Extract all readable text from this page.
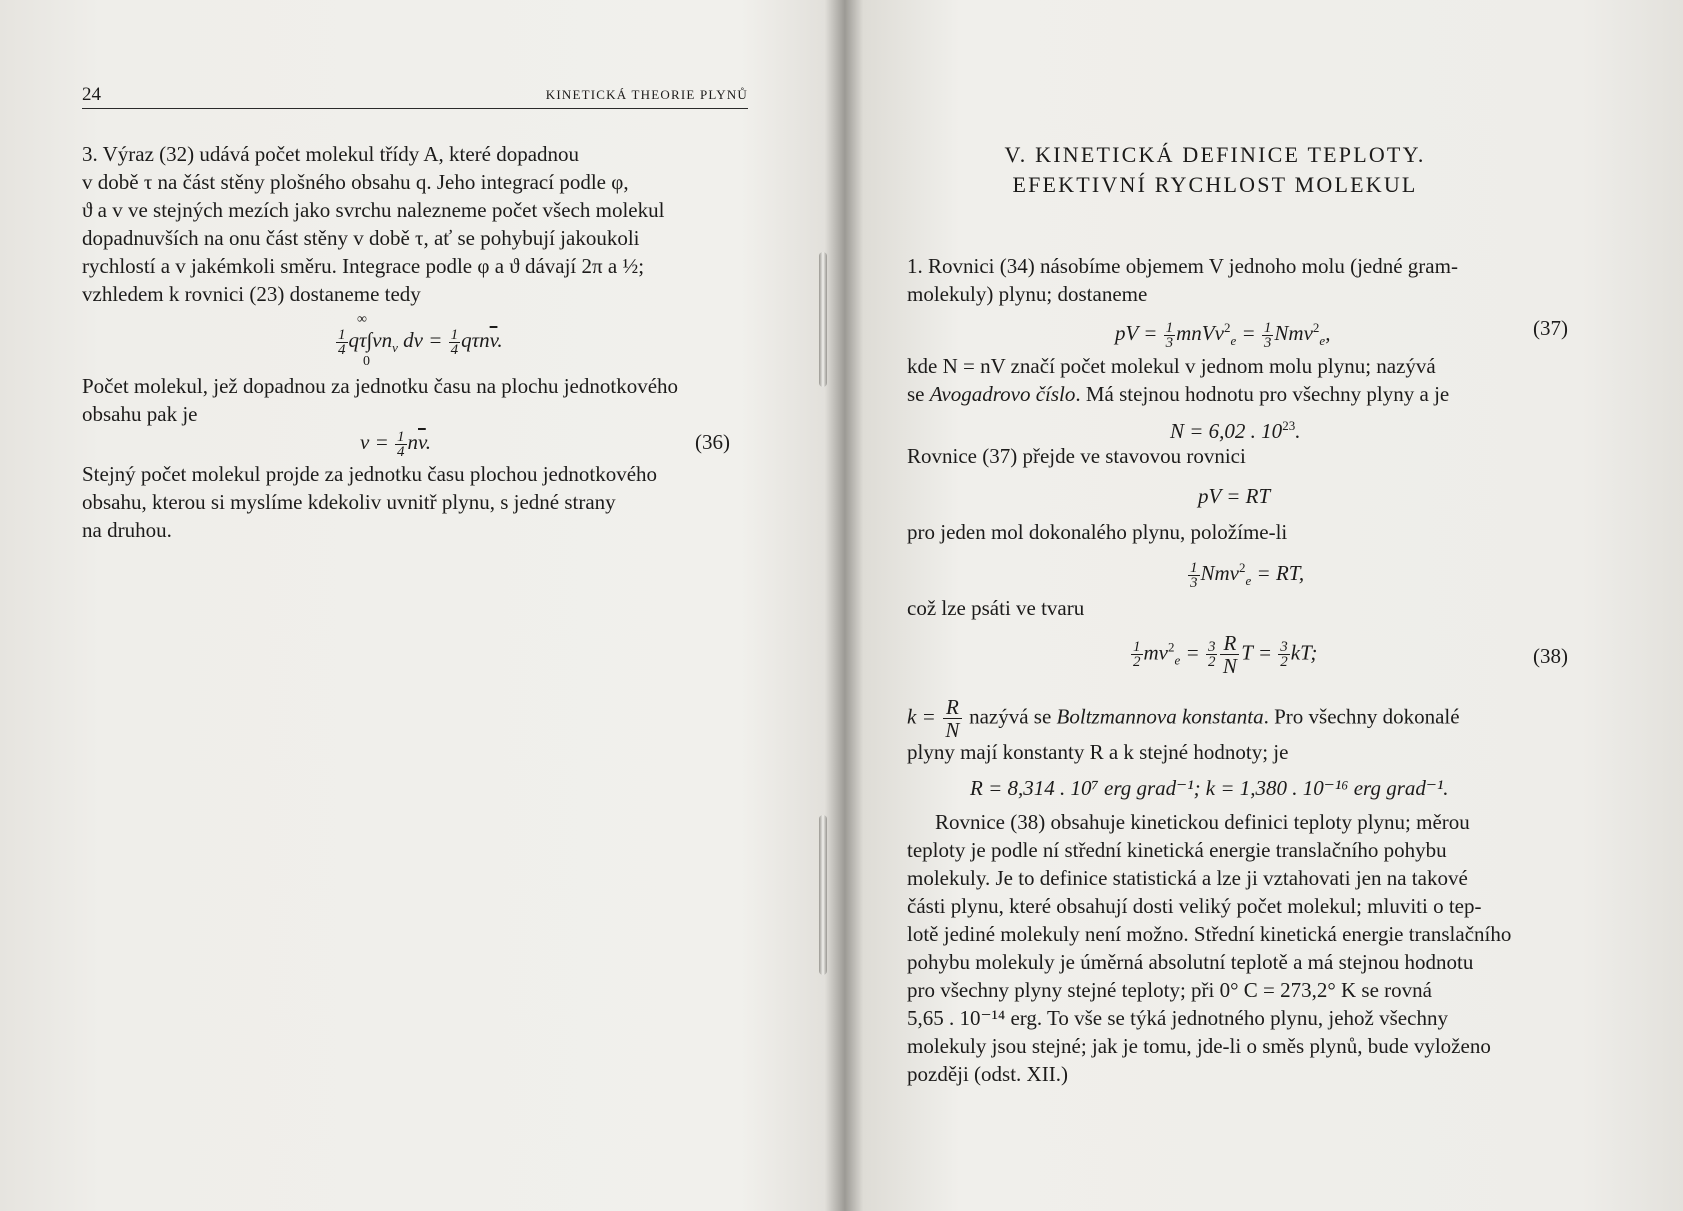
24	KINETICKÁ THEORIE PLYNŮ
3. Výraz (32) udává počet molekul třídy A, které dopadnou
v době τ na část stěny plošného obsahu q. Jeho integrací podle φ,
ϑ a v ve stejných mezích jako svrchu nalezneme počet všech molekul
dopadnuvších na onu část stěny v době τ, ať se pohybují jakoukoli
rychlostí a v jakémkoli směru. Integrace podle φ a ϑ dávají 2π a ½;
vzhledem k rovnici (23) dostaneme tedy
$\frac{1}{4} q\tau\int vn_v$ dv = $\frac{1}{4} q\tau n\overline{v}$.
∞
0
Počet molekul, jež dopadnou za jednotku času na plochu jednotkového
obsahu pak je
$\nu = \frac{1}{4} n\overline{v}$.	(36)
Stejný počet molekul projde za jednotku času plochou jednotkového
obsahu, kterou si myslíme kdekoliv uvnitř plynu, s jedné strany
na druhou.
V. KINETICKÁ DEFINICE TEPLOTY.
EFEKTIVNÍ RYCHLOST MOLEKUL
1. Rovnici (34) násobíme objemem V jednoho molu (jedné gram-
molekuly) plynu; dostaneme
pV = $\frac{1}{3}$ mnVv$^2_e$ = $\frac{1}{3} Nmv^2_e$,	(37)
kde N = nV značí počet molekul v jednom molu plynu; nazývá
se Avogadrovo číslo. Má stejnou hodnotu pro všechny plyny a je
N = 6,02 . $10^{23}$.
Rovnice (37) přejde ve stavovou rovnici
pV = RT
pro jeden mol dokonalého plynu, položíme-li
$\frac{1}{3} Nmv^2_e$ = RT,
což lze psáti ve tvaru
$\frac{1}{2} mv^2_e = \frac{3}{2} \frac{R}{N}$ $T = \frac{3}{2}$ kT;	(38)
$k = \frac{R}{N}$ nazývá se Boltzmannova konstanta. Pro všechny dokonalé
plyny mají konstanty R a k stejné hodnoty; je
R = 8,314 . 10⁷ erg grad⁻¹; k = 1,380 . 10⁻¹⁶ erg grad⁻¹.
Rovnice (38) obsahuje kinetickou definici teploty plynu; měrou
teploty je podle ní střední kinetická energie translačního pohybu
molekuly. Je to definice statistická a lze ji vztahovati jen na takové
části plynu, které obsahují dosti veliký počet molekul; mluviti o tep-
lotě jediné molekuly není možno. Střední kinetická energie translačního
pohybu molekuly je úměrná absolutní teplotě a má stejnou hodnotu
pro všechny plyny stejné teploty; při 0° C = 273,2° K se rovná
5,65 . 10⁻¹⁴ erg. To vše se týká jednotného plynu, jehož všechny
molekuly jsou stejné; jak je tomu, jde-li o směs plynů, bude vyloženo
později (odst. XII.)
